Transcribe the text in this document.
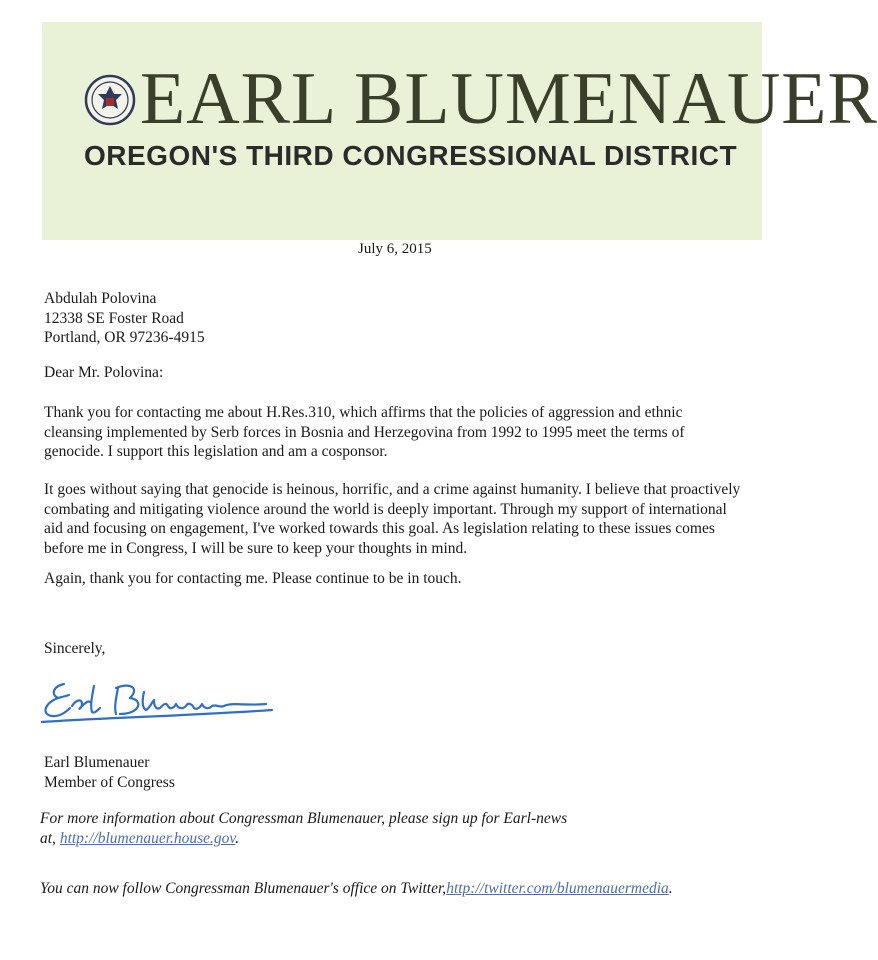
EARL BLUMENAUER
OREGON'S THIRD CONGRESSIONAL DISTRICT
July 6, 2015
Abdulah Polovina
12338 SE Foster Road
Portland, OR 97236-4915
Dear Mr. Polovina:
Thank you for contacting me about H.Res.310, which affirms that the policies of aggression and ethnic
cleansing implemented by Serb forces in Bosnia and Herzegovina from 1992 to 1995 meet the terms of
genocide. I support this legislation and am a cosponsor.
It goes without saying that genocide is heinous, horrific, and a crime against humanity. I believe that proactively
combating and mitigating violence around the world is deeply important. Through my support of international
aid and focusing on engagement, I've worked towards this goal. As legislation relating to these issues comes
before me in Congress, I will be sure to keep your thoughts in mind.
Again, thank you for contacting me. Please continue to be in touch.
Sincerely,
Earl Blumenauer
Member of Congress
For more information about Congressman Blumenauer, please sign up for Earl-news
at, http://blumenauer.house.gov.
You can now follow Congressman Blumenauer's office on Twitter,http://twitter.com/blumenauermedia.
